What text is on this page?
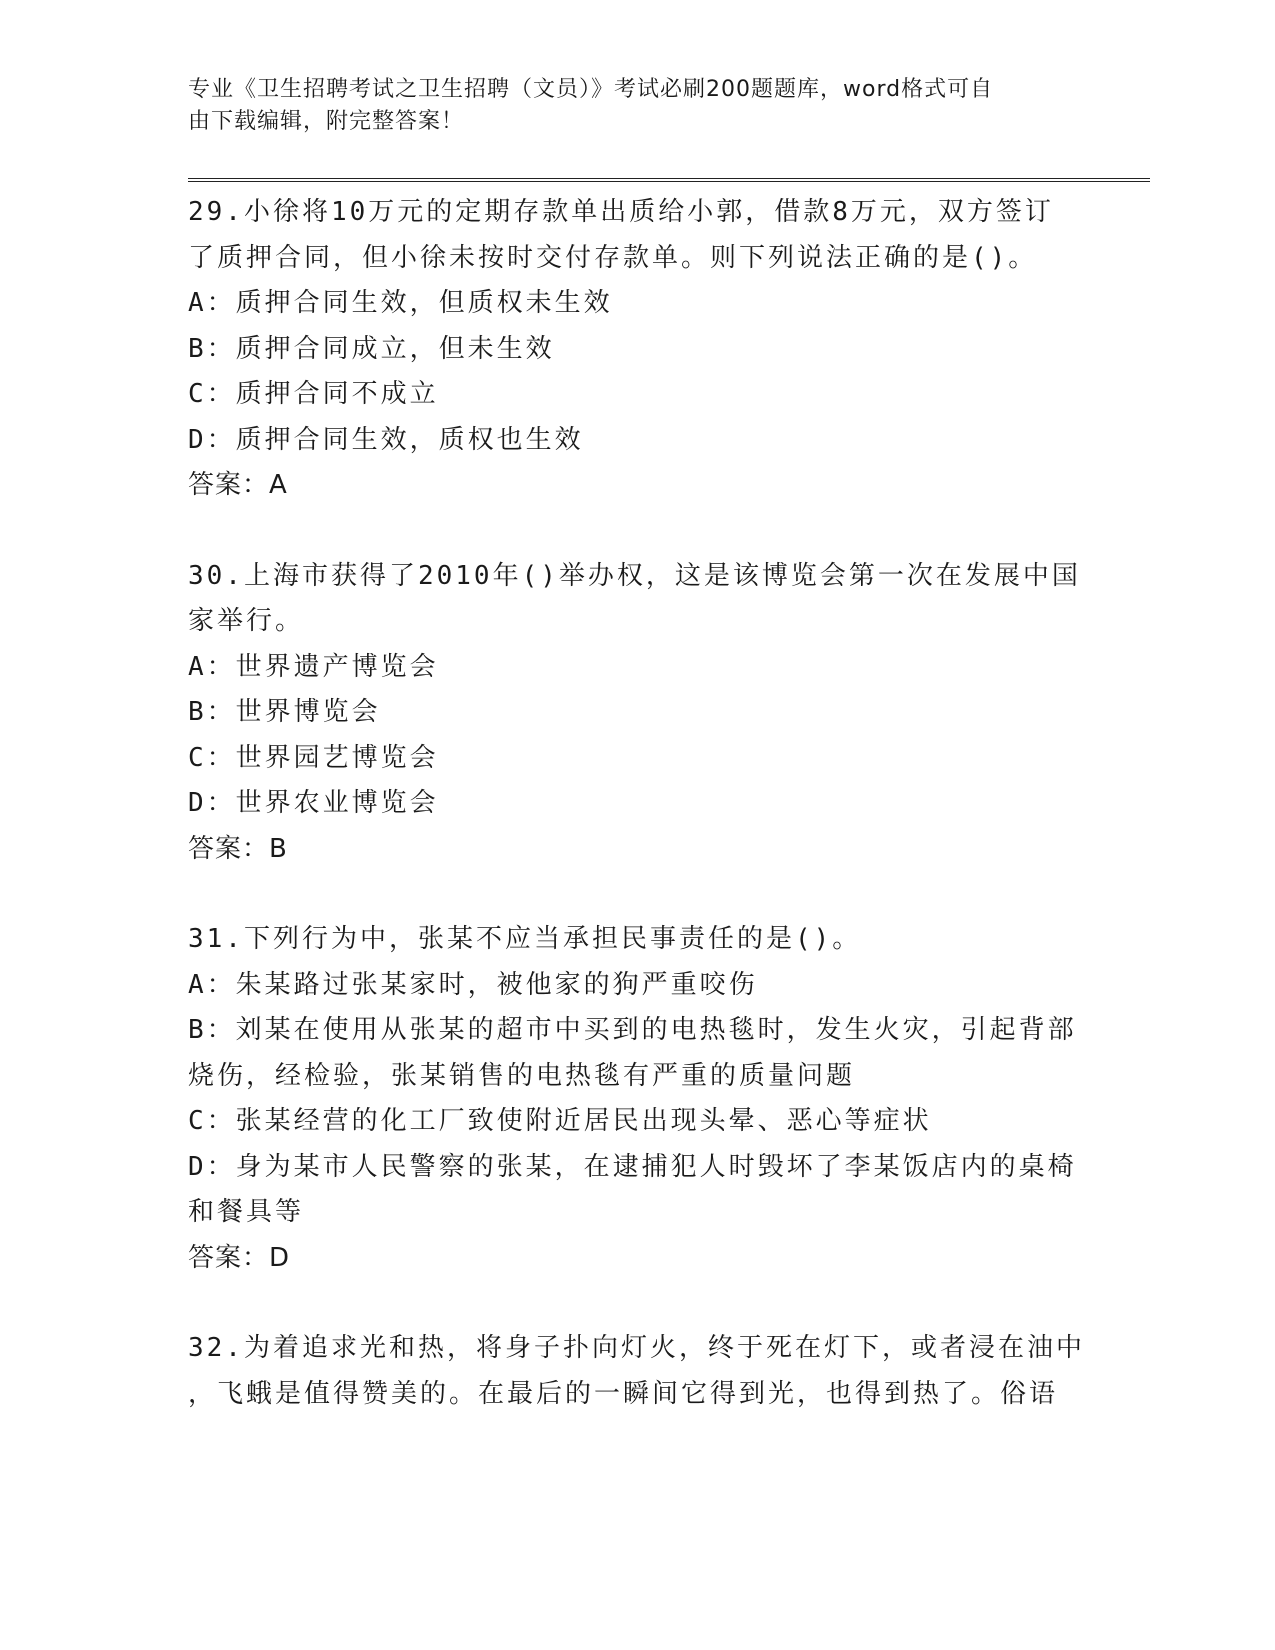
专业《卫生招聘考试之卫生招聘（文员）》考试必刷200题题库，word格式可自
由下载编辑，附完整答案！
29.小徐将10万元的定期存款单出质给小郭，借款8万元，双方签订
了质押合同，但小徐未按时交付存款单。则下列说法正确的是()。
A：质押合同生效，但质权未生效
B：质押合同成立，但未生效
C：质押合同不成立
D：质押合同生效，质权也生效
答案：A
30.上海市获得了2010年()举办权，这是该博览会第一次在发展中国
家举行。
A：世界遗产博览会
B：世界博览会
C：世界园艺博览会
D：世界农业博览会
答案：B
31.下列行为中，张某不应当承担民事责任的是()。
A：朱某路过张某家时，被他家的狗严重咬伤
B：刘某在使用从张某的超市中买到的电热毯时，发生火灾，引起背部
烧伤，经检验，张某销售的电热毯有严重的质量问题
C：张某经营的化工厂致使附近居民出现头晕、恶心等症状
D：身为某市人民警察的张某，在逮捕犯人时毁坏了李某饭店内的桌椅
和餐具等
答案：D
32.为着追求光和热，将身子扑向灯火，终于死在灯下，或者浸在油中
，飞蛾是值得赞美的。在最后的一瞬间它得到光，也得到热了。俗语
